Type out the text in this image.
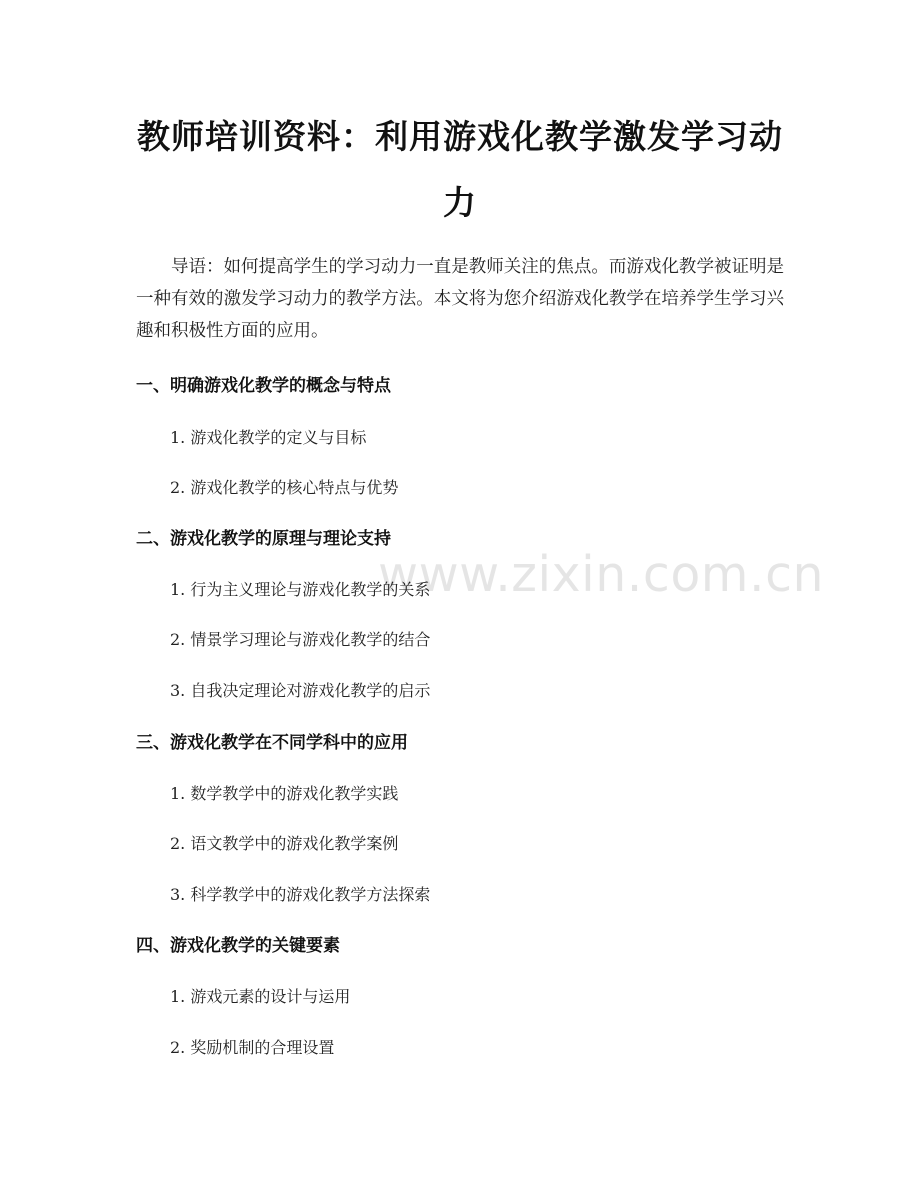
教师培训资料：利用游戏化教学激发学习动力
导语：如何提高学生的学习动力一直是教师关注的焦点。而游戏化教学被证明是一种有效的激发学习动力的教学方法。本文将为您介绍游戏化教学在培养学生学习兴趣和积极性方面的应用。
一、明确游戏化教学的概念与特点
1. 游戏化教学的定义与目标
2. 游戏化教学的核心特点与优势
二、游戏化教学的原理与理论支持
1. 行为主义理论与游戏化教学的关系
2. 情景学习理论与游戏化教学的结合
3. 自我决定理论对游戏化教学的启示
三、游戏化教学在不同学科中的应用
1. 数学教学中的游戏化教学实践
2. 语文教学中的游戏化教学案例
3. 科学教学中的游戏化教学方法探索
四、游戏化教学的关键要素
1. 游戏元素的设计与运用
2. 奖励机制的合理设置
www.zixin.com.cn
